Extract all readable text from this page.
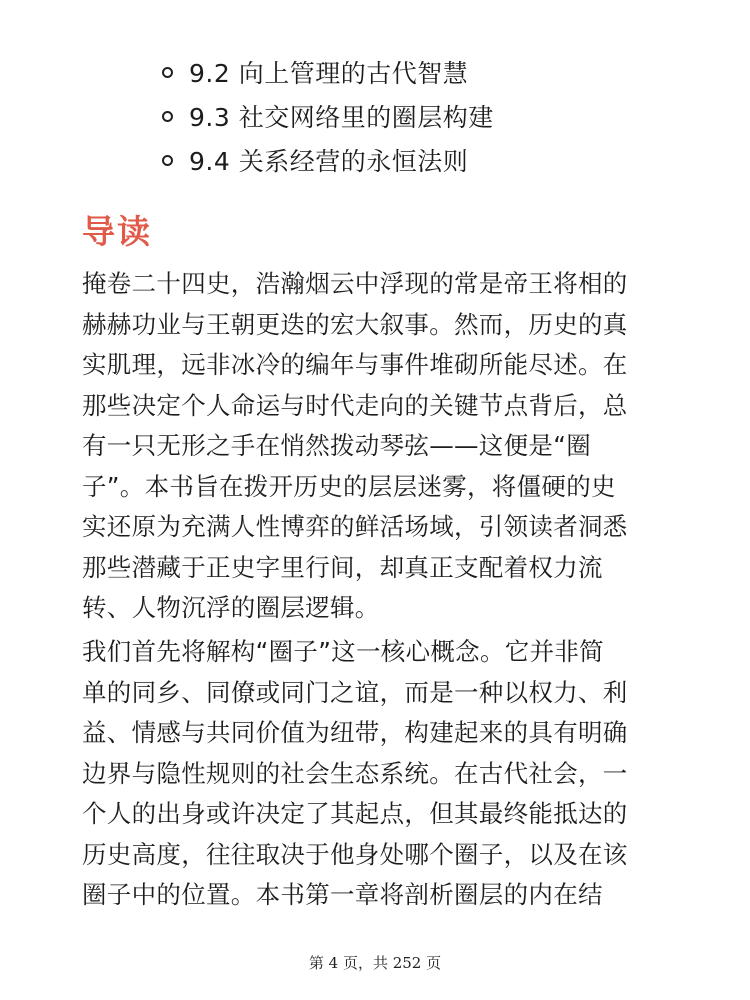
9.2 向上管理的古代智慧
9.3 社交网络里的圈层构建
9.4 关系经营的永恒法则
导读

掩卷二十四史，浩瀚烟云中浮现的常是帝王将相的
赫赫功业与王朝更迭的宏大叙事。然而，历史的真
实肌理，远非冰冷的编年与事件堆砌所能尽述。在
那些决定个人命运与时代走向的关键节点背后，总
有一只无形之手在悄然拨动琴弦——这便是“圈
子”。本书旨在拨开历史的层层迷雾，将僵硬的史
实还原为充满人性博弈的鲜活场域，引领读者洞悉
那些潜藏于正史字里行间，却真正支配着权力流
转、人物沉浮的圈层逻辑。

我们首先将解构“圈子”这一核心概念。它并非简
单的同乡、同僚或同门之谊，而是一种以权力、利
益、情感与共同价值为纽带，构建起来的具有明确
边界与隐性规则的社会生态系统。在古代社会，一
个人的出身或许决定了其起点，但其最终能抵达的
历史高度，往往取决于他身处哪个圈子，以及在该
圈子中的位置。本书第一章将剖析圈层的内在结

第 4 页，共 252 页
